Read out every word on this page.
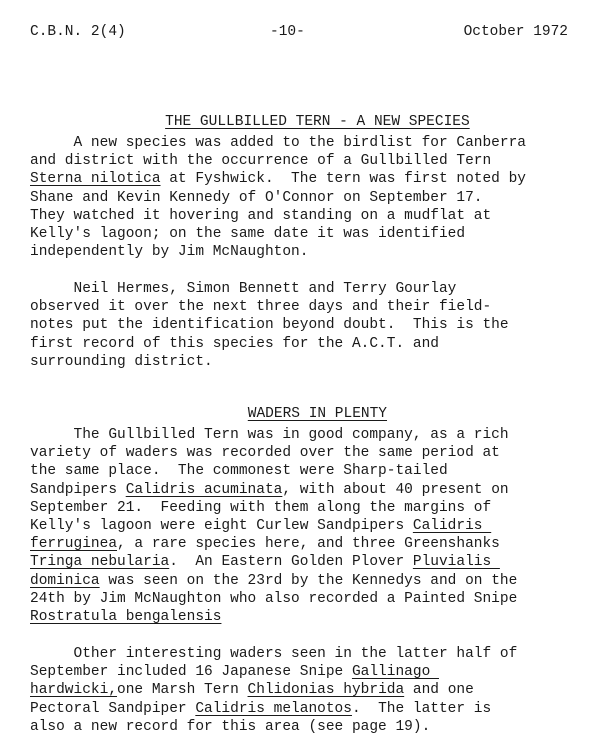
C.B.N. 2(4)	-10-	October 1972

THE GULLBILLED TERN - A NEW SPECIES

A new species was added to the birdlist for Canberra
and district with the occurrence of a Gullbilled Tern
Sterna nilotica at Fyshwick.  The tern was first noted by
Shane and Kevin Kennedy of O'Connor on September 17.
They watched it hovering and standing on a mudflat at
Kelly's lagoon; on the same date it was identified
independently by Jim McNaughton.
Neil Hermes, Simon Bennett and Terry Gourlay
observed it over the next three days and their field-
notes put the identification beyond doubt.  This is the
first record of this species for the A.C.T. and
surrounding district.

WADERS IN PLENTY

The Gullbilled Tern was in good company, as a rich
variety of waders was recorded over the same period at
the same place.  The commonest were Sharp-tailed
Sandpipers Calidris acuminata, with about 40 present on
September 21.  Feeding with them along the margins of
Kelly's lagoon were eight Curlew Sandpipers Calidris
ferruginea, a rare species here, and three Greenshanks
Tringa nebularia.  An Eastern Golden Plover Pluvialis
dominica was seen on the 23rd by the Kennedys and on the
24th by Jim McNaughton who also recorded a Painted Snipe
Rostratula bengalensis
Other interesting waders seen in the latter half of
September included 16 Japanese Snipe Gallinago
hardwicki,one Marsh Tern Chlidonias hybrida and one
Pectoral Sandpiper Calidris melanotos.  The latter is
also a new record for this area (see page 19).
